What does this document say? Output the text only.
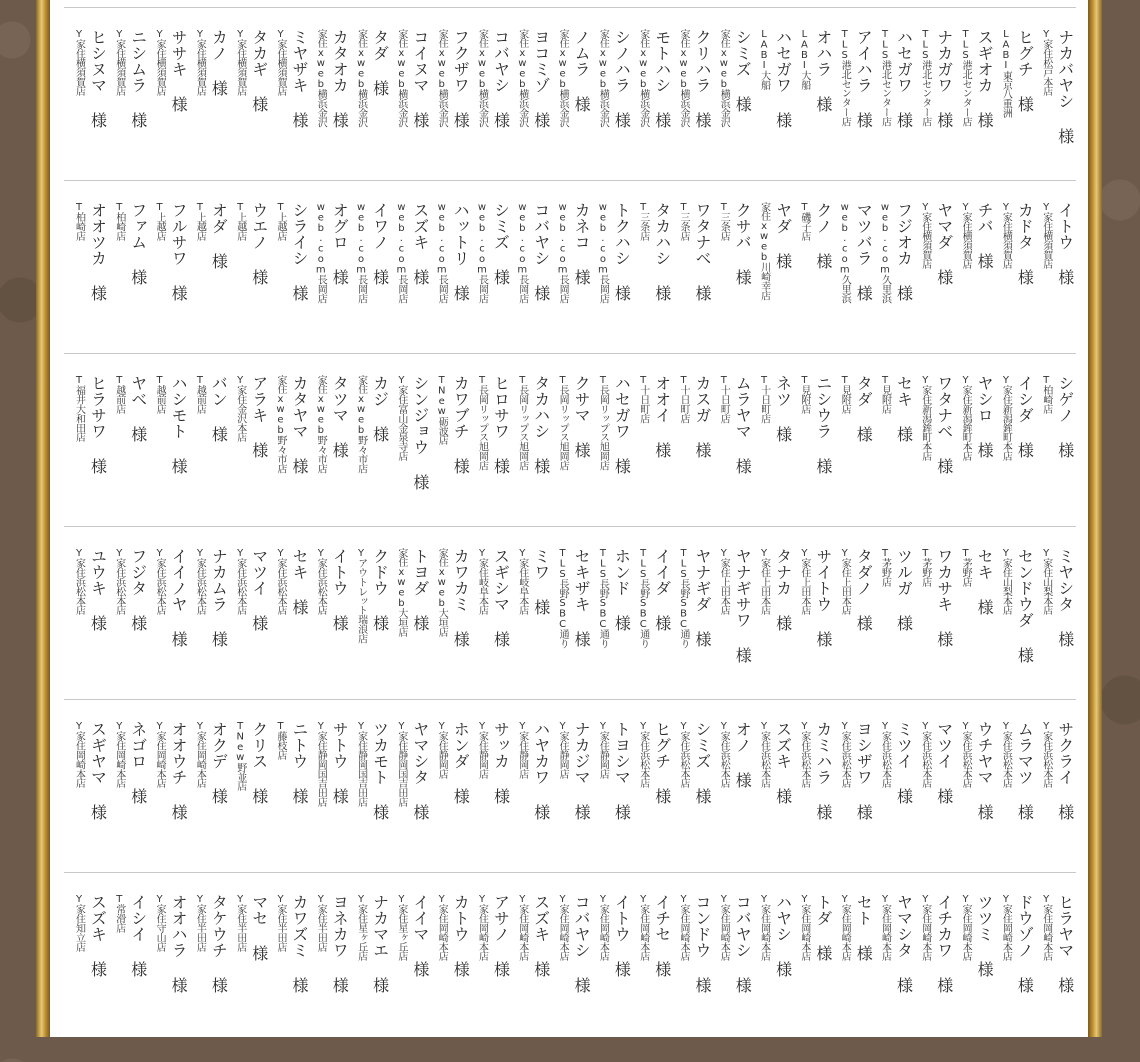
ナカバヤシ 様
Y家住松戸本店
ヒグチ 様
LABI東京八重洲
スギオカ 様
TLS港北センター店
ナカガワ 様
TLS港北センター店
ハセガワ 様
TLS港北センター店
アイハラ 様
TLS港北センター店
オハラ 様
LABI大船
ハセガワ 様
LABI大船
シミズ 様
家住xweb横浜金沢
クリハラ 様
家住xweb横浜金沢
モトハシ 様
家住xweb横浜金沢
シノハラ 様
家住xweb横浜金沢
ノムラ 様
家住xweb横浜金沢
ヨコミゾ 様
家住xweb横浜金沢
コバヤシ 様
家住xweb横浜金沢
フクザワ 様
家住xweb横浜金沢
コイヌマ 様
家住xweb横浜金沢
タダ 様
家住xweb横浜金沢
カタオカ 様
家住xweb横浜金沢
ミヤザキ 様
Y家住横須賀店
タカギ 様
Y家住横須賀店
カノ 様
Y家住横須賀店
ササキ 様
Y家住横須賀店
ニシムラ 様
Y家住横須賀店
ヒシヌマ 様
Y家住横須賀店
イトウ 様
Y家住横須賀店
カドタ 様
Y家住横須賀店
チバ 様
Y家住横須賀店
ヤマダ 様
Y家住横須賀店
フジオカ 様
web.com久里浜
マツバラ 様
web.com久里浜
クノ 様
T磯子店
ヤダ 様
家住xweb川崎幸店
クサバ 様
T三条店
ワタナベ 様
T三条店
タカハシ 様
T三条店
トクハシ 様
web.com長岡店
カネコ 様
web.com長岡店
コバヤシ 様
web.com長岡店
シミズ 様
web.com長岡店
ハットリ 様
web.com長岡店
スズキ 様
web.com長岡店
イワノ 様
web.com長岡店
オグロ 様
web.com長岡店
シライシ 様
T上越店
ウエノ 様
T上越店
オダ 様
T上越店
フルサワ 様
T上越店
ファム 様
T柏崎店
オオツカ 様
T柏崎店
シゲノ 様
T柏崎店
イシダ 様
Y家住新潟鉾町本店
ヤシロ 様
Y家住新潟鉾町本店
ワタナベ 様
Y家住新潟鉾町本店
セキ 様
T見附店
タダ 様
T見附店
ニシウラ 様
T見附店
ネツ 様
T十日町店
ムラヤマ 様
T十日町店
カスガ 様
T十日町店
オオイ 様
T十日町店
ハセガワ 様
T長岡リップス旭岡店
クサマ 様
T長岡リップス旭岡店
タカハシ 様
T長岡リップス旭岡店
ヒロサワ 様
T長岡リップス旭岡店
カワブチ 様
TNew砺波店
シンジョウ 様
Y家住富山金泉寺店
カジ 様
家住xweb野々市店
タツマ 様
家住xweb野々市店
カタヤマ 様
家住xweb野々市店
アラキ 様
Y家住金沢本店
バン 様
T越前店
ハシモト 様
T越前店
ヤベ 様
T越前店
ヒラサワ 様
T福井大和田店
ミヤシタ 様
Y家住山梨本店
センドウダ 様
Y家住山梨本店
セキ 様
T茅野店
ワカサキ 様
T茅野店
ツルガ 様
T茅野店
タダノ 様
Y家住上田本店
サイトウ 様
Y家住上田本店
タナカ 様
Y家住上田本店
ヤナギサワ 様
Y家住上田本店
ヤナギダ 様
TLS長野SBC通り
イイダ 様
TLS長野SBC通り
ホンド 様
TLS長野SBC通り
セキザキ 様
TLS長野SBC通り
ミワ 様
Y家住岐阜本店
スギシマ 様
Y家住岐阜本店
カワカミ 様
家住xweb大垣店
トヨダ 様
家住xweb大垣店
クドウ 様
Yアウトレット瑞浪店
イトウ 様
Y家住浜松本店
セキ 様
Y家住浜松本店
マツイ 様
Y家住浜松本店
ナカムラ 様
Y家住浜松本店
イイノヤ 様
Y家住浜松本店
フジタ 様
Y家住浜松本店
ユウキ 様
Y家住浜松本店
サクライ 様
Y家住浜松本店
ムラマツ 様
Y家住浜松本店
ウチヤマ 様
Y家住浜松本店
マツイ 様
Y家住浜松本店
ミツイ 様
Y家住浜松本店
ヨシザワ 様
Y家住浜松本店
カミハラ 様
Y家住浜松本店
スズキ 様
Y家住浜松本店
オノ 様
Y家住浜松本店
シミズ 様
Y家住浜松本店
ヒグチ 様
Y家住浜松本店
トヨシマ 様
Y家住静岡店
ナカジマ 様
Y家住静岡店
ハヤカワ 様
Y家住静岡店
サッカ 様
Y家住静岡店
ホンダ 様
Y家住静岡店
ヤマシタ 様
Y家住静岡国吉田店
ツカモト 様
Y家住静岡国吉田店
サトウ 様
Y家住静岡国吉田店
ニトウ 様
T藤枝店
クリス 様
TNew野並店
オクデ 様
Y家住岡崎本店
オオウチ 様
Y家住岡崎本店
ネゴロ 様
Y家住岡崎本店
スギヤマ 様
Y家住岡崎本店
ヒラヤマ 様
Y家住岡崎本店
ドウゾノ 様
Y家住岡崎本店
ツツミ 様
Y家住岡崎本店
イチカワ 様
Y家住岡崎本店
ヤマシタ 様
Y家住岡崎本店
セト 様
Y家住岡崎本店
トダ 様
Y家住岡崎本店
ハヤシ 様
Y家住岡崎本店
コバヤシ 様
Y家住岡崎本店
コンドウ 様
Y家住岡崎本店
イチセ 様
Y家住岡崎本店
イトウ 様
Y家住岡崎本店
コバヤシ 様
Y家住岡崎本店
スズキ 様
Y家住岡崎本店
アサノ 様
Y家住岡崎本店
カトウ 様
Y家住岡崎本店
イイマ 様
Y家住星ヶ丘店
ナカマエ 様
Y家住星ヶ丘店
ヨネカワ 様
Y家住半田店
カワズミ 様
Y家住半田店
マセ 様
Y家住半田店
タケウチ 様
Y家住半田店
オオハラ 様
Y家住守山店
イシイ 様
T常滑店
スズキ 様
Y家住知立店
